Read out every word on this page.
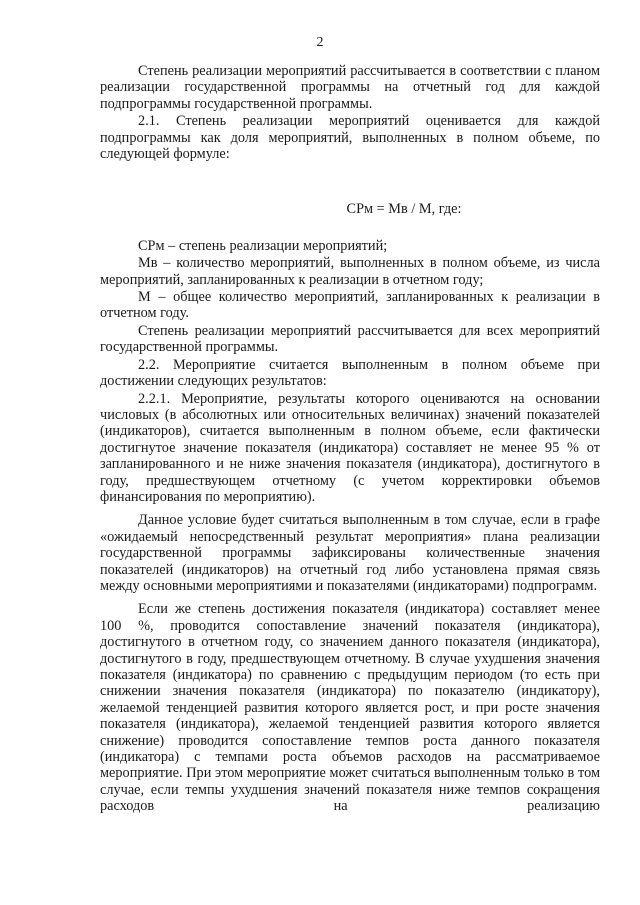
2

Степень реализации мероприятий рассчитывается в соответствии с планом реализации государственной программы на отчетный год для каждой подпрограммы государственной программы.

2.1. Степень реализации мероприятий оценивается для каждой подпрограммы как доля мероприятий, выполненных в полном объеме, по следующей формуле:

СРм = Мв / М, где:

СРм – степень реализации мероприятий;

Мв – количество мероприятий, выполненных в полном объеме, из числа мероприятий, запланированных к реализации в отчетном году;

М – общее количество мероприятий, запланированных к реализации в отчетном году.

Степень реализации мероприятий рассчитывается для всех мероприятий государственной программы.

2.2. Мероприятие считается выполненным в полном объеме при достижении следующих результатов:

2.2.1. Мероприятие, результаты которого оцениваются на основании числовых (в абсолютных или относительных величинах) значений показателей (индикаторов), считается выполненным в полном объеме, если фактически достигнутое значение показателя (индикатора) составляет не менее 95 % от запланированного и не ниже значения показателя (индикатора), достигнутого в году, предшествующем отчетному (с учетом корректировки объемов финансирования по мероприятию).

Данное условие будет считаться выполненным в том случае, если в графе «ожидаемый непосредственный результат мероприятия» плана реализации государственной программы зафиксированы количественные значения показателей (индикаторов) на отчетный год либо установлена прямая связь между основными мероприятиями и показателями (индикаторами) подпрограмм.

Если же степень достижения показателя (индикатора) составляет менее 100 %, проводится сопоставление значений показателя (индикатора), достигнутого в отчетном году, со значением данного показателя (индикатора), достигнутого в году, предшествующем отчетному. В случае ухудшения значения показателя (индикатора) по сравнению с предыдущим периодом (то есть при снижении значения показателя (индикатора) по показателю (индикатору), желаемой тенденцией развития которого является рост, и при росте значения показателя (индикатора), желаемой тенденцией развития которого является снижение) проводится сопоставление темпов роста данного показателя (индикатора) с темпами роста объемов расходов на рассматриваемое мероприятие. При этом мероприятие может считаться выполненным только в том случае, если темпы ухудшения значений показателя ниже темпов сокращения расходов на реализацию
